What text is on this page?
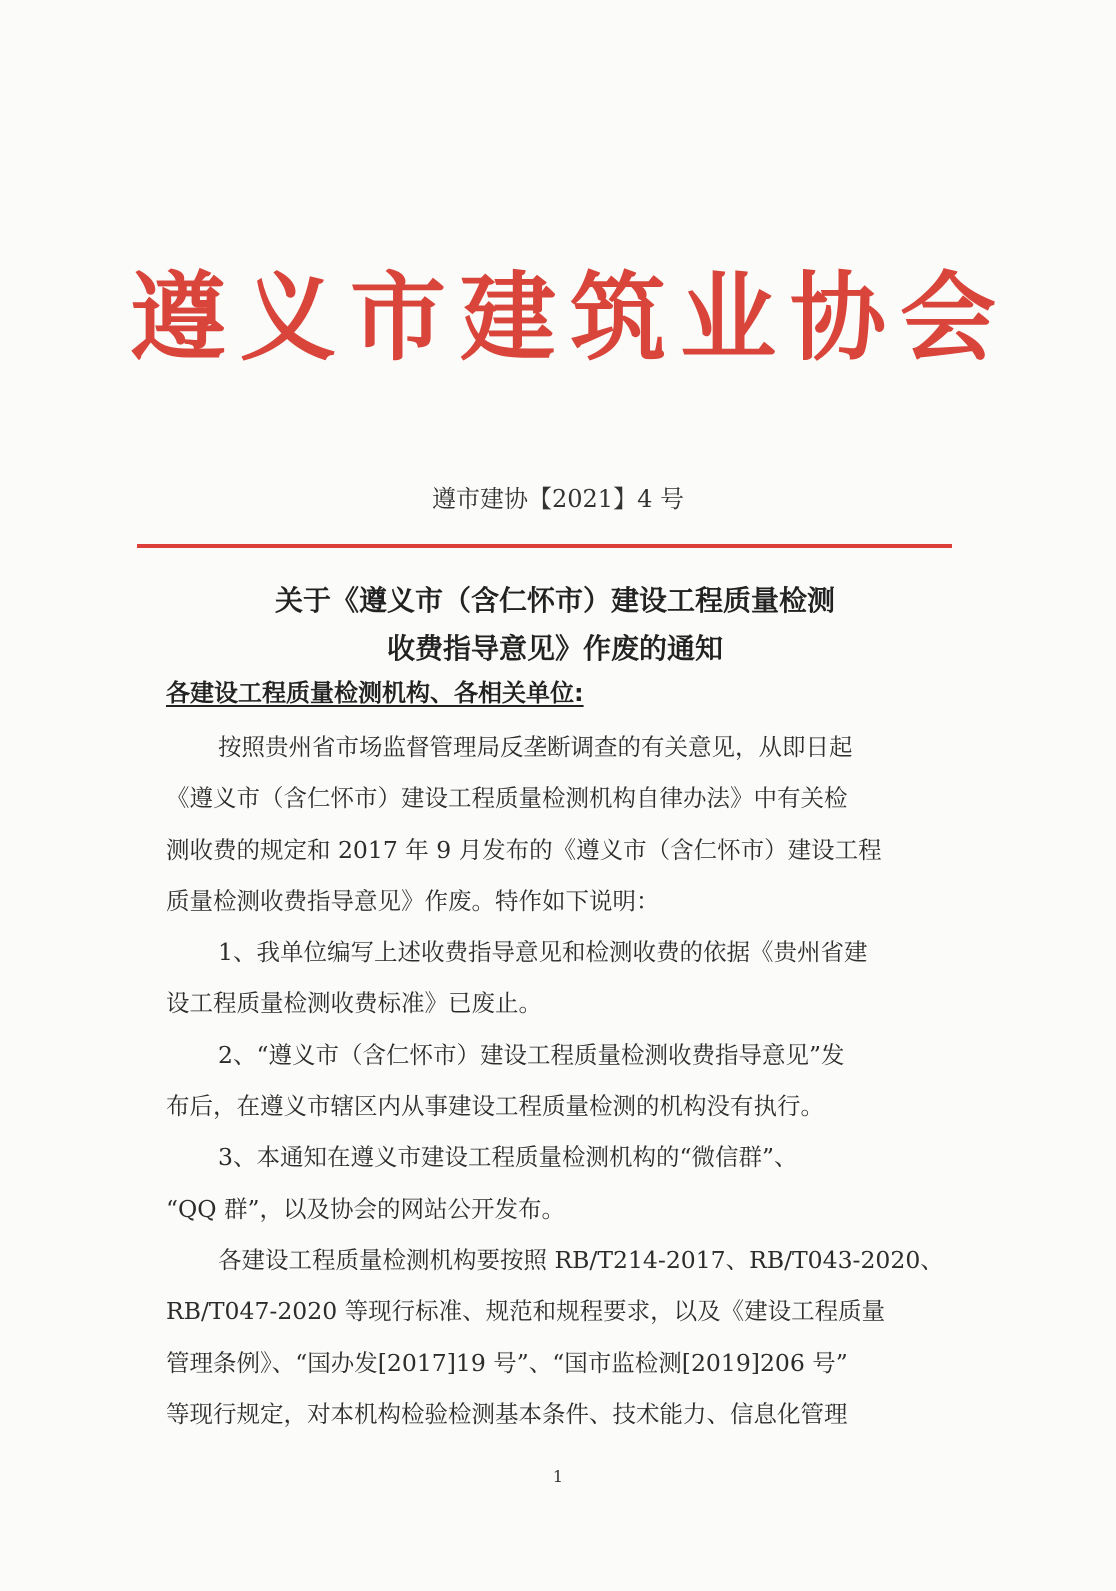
遵义市建筑业协会
遵市建协【2021】4 号
关于《遵义市（含仁怀市）建设工程质量检测
收费指导意见》作废的通知
各建设工程质量检测机构、各相关单位:
按照贵州省市场监督管理局反垄断调查的有关意见，从即日起
《遵义市（含仁怀市）建设工程质量检测机构自律办法》中有关检
测收费的规定和 2017 年 9 月发布的《遵义市（含仁怀市）建设工程
质量检测收费指导意见》作废。特作如下说明：
1、我单位编写上述收费指导意见和检测收费的依据《贵州省建
设工程质量检测收费标准》已废止。
2、“遵义市（含仁怀市）建设工程质量检测收费指导意见”发
布后，在遵义市辖区内从事建设工程质量检测的机构没有执行。
3、本通知在遵义市建设工程质量检测机构的“微信群”、
“QQ 群”，以及协会的网站公开发布。
各建设工程质量检测机构要按照 RB/T214-2017、RB/T043-2020、
RB/T047-2020 等现行标准、规范和规程要求，以及《建设工程质量
管理条例》、“国办发[2017]19 号”、“国市监检测[2019]206 号”
等现行规定，对本机构检验检测基本条件、技术能力、信息化管理
1
